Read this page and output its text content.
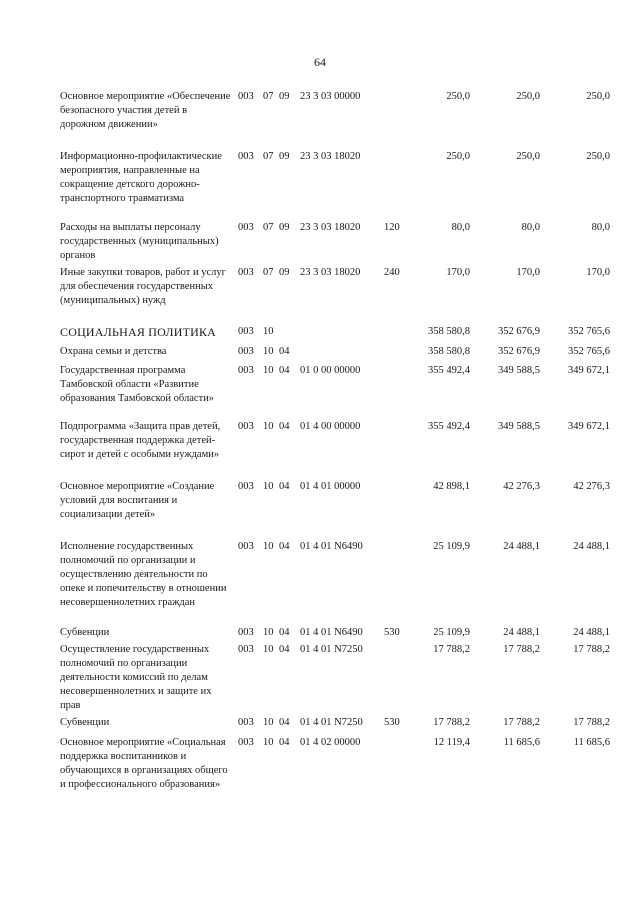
64
Основное мероприятие «Обеспечение безопасного участия детей в дорожном движении»
003 07 09 23 3 03 00000	250,0	250,0	250,0
Информационно-профилактические мероприятия, направленные на сокращение детского дорожно-транспортного травматизма
003 07 09 23 3 03 18020	250,0	250,0	250,0
Расходы на выплаты персоналу государственных (муниципальных) органов
003 07 09 23 3 03 18020 120	80,0	80,0	80,0
Иные закупки товаров, работ и услуг для обеспечения государственных (муниципальных) нужд
003 07 09 23 3 03 18020 240	170,0	170,0	170,0
СОЦИАЛЬНАЯ ПОЛИТИКА	003 10	358 580,8	352 676,9	352 765,6
Охрана семьи и детства	003 10 04	358 580,8	352 676,9	352 765,6
Государственная программа Тамбовской области «Развитие образования Тамбовской области»
003 10 04 01 0 00 00000	355 492,4	349 588,5	349 672,1
Подпрограмма «Защита прав детей, государственная поддержка детей-сирот и детей с особыми нуждами»
003 10 04 01 4 00 00000	355 492,4	349 588,5	349 672,1
Основное мероприятие «Создание условий для воспитания и социализации детей»
003 10 04 01 4 01 00000	42 898,1	42 276,3	42 276,3
Исполнение государственных полномочий по организации и осуществлению деятельности по опеке и попечительству в отношении несовершеннолетних граждан
003 10 04 01 4 01 N6490	25 109,9	24 488,1	24 488,1
Субвенции	003 10 04 01 4 01 N6490 530	25 109,9	24 488,1	24 488,1
Осуществление государственных полномочий по организации деятельности комиссий по делам несовершеннолетних и защите их прав
003 10 04 01 4 01 N7250	17 788,2	17 788,2	17 788,2
Субвенции	003 10 04 01 4 01 N7250 530	17 788,2	17 788,2	17 788,2
Основное мероприятие «Социальная поддержка воспитанников и обучающихся в организациях общего и профессионального образования»
003 10 04 01 4 02 00000	12 119,4	11 685,6	11 685,6
